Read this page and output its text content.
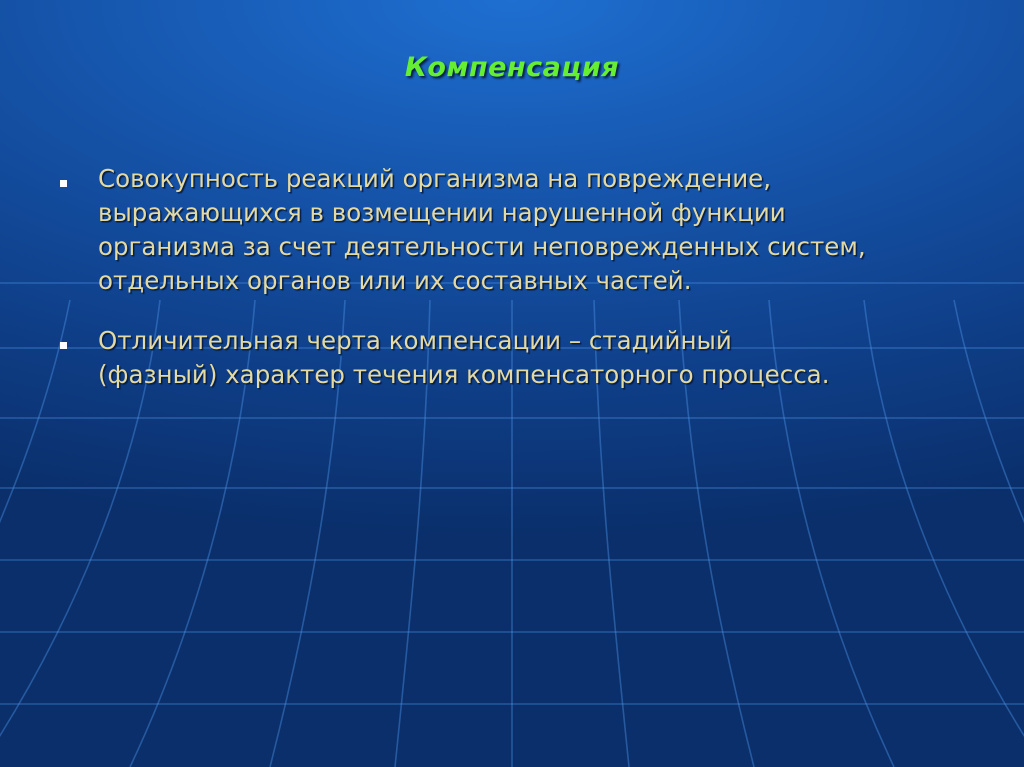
Компенсация
Совокупность реакций организма на повреждение,
выражающихся в возмещении нарушенной функции
организма за счет деятельности неповрежденных систем,
отдельных органов или их составных частей.
Отличительная черта компенсации – стадийный
(фазный) характер течения компенсаторного процесса.
